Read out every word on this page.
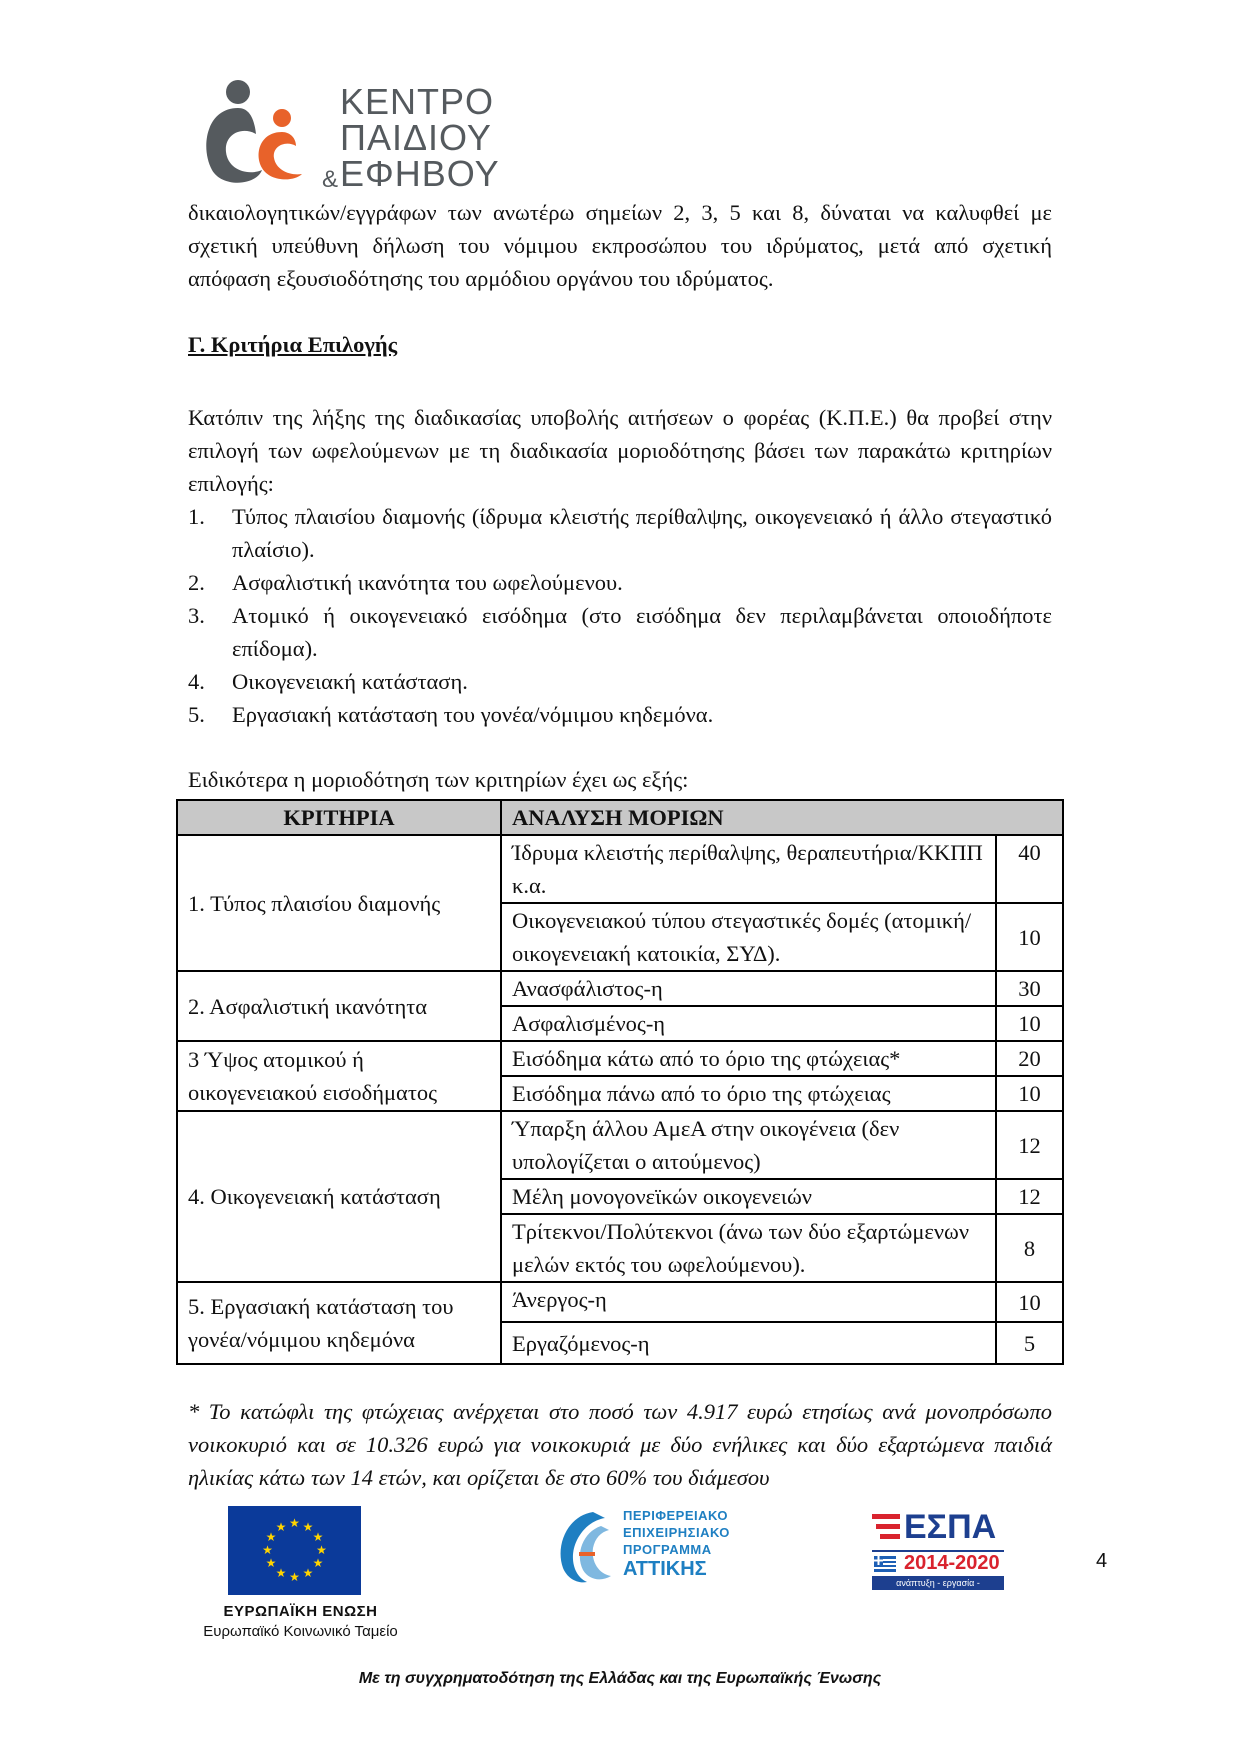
ΚΕΝΤΡΟ
ΠΑΙΔΙΟΥ
& ΕΦΗΒΟΥ
δικαιολογητικών/εγγράφων των ανωτέρω σημείων 2, 3, 5 και 8, δύναται να καλυφθεί με σχετική υπεύθυνη δήλωση του νόμιμου εκπροσώπου του ιδρύματος, μετά από σχετική απόφαση εξουσιοδότησης του αρμόδιου οργάνου του ιδρύματος.
Γ. Κριτήρια Επιλογής
Κατόπιν της λήξης της διαδικασίας υποβολής αιτήσεων ο φορέας (Κ.Π.Ε.) θα προβεί στην επιλογή των ωφελούμενων με τη διαδικασία μοριοδότησης βάσει των παρακάτω κριτηρίων επιλογής:
1. Τύπος πλαισίου διαμονής (ίδρυμα κλειστής περίθαλψης, οικογενειακό ή άλλο στεγαστικό πλαίσιο).
2. Ασφαλιστική ικανότητα του ωφελούμενου.
3. Ατομικό ή οικογενειακό εισόδημα (στο εισόδημα δεν περιλαμβάνεται οποιοδήποτε επίδομα).
4. Οικογενειακή κατάσταση.
5. Εργασιακή κατάσταση του γονέα/νόμιμου κηδεμόνα.
Ειδικότερα η μοριοδότηση των κριτηρίων έχει ως εξής:
ΚΡΙΤΗΡΙΑ	ΑΝΑΛΥΣΗ ΜΟΡΙΩΝ	
1. Τύπος πλαισίου διαμονής	Ίδρυμα κλειστής περίθαλψης, θεραπευτήρια/ΚΚΠΠ κ.α.	40
	Οικογενειακού τύπου στεγαστικές δομές (ατομική/οικογενειακή κατοικία, ΣΥΔ).	10
2. Ασφαλιστική ικανότητα	Ανασφάλιστος-η	30
	Ασφαλισμένος-η	10
3 Ύψος ατομικού ή οικογενειακού εισοδήματος	Εισόδημα κάτω από το όριο της φτώχειας*	20
	Εισόδημα πάνω από το όριο της φτώχειας	10
4. Οικογενειακή κατάσταση	Ύπαρξη άλλου ΑμεΑ στην οικογένεια (δεν υπολογίζεται ο αιτούμενος)	12
	Μέλη μονογονεϊκών οικογενειών	12
	Τρίτεκνοι/Πολύτεκνοι (άνω των δύο εξαρτώμενων μελών εκτός του ωφελούμενου).	8
5. Εργασιακή κατάσταση του γονέα/νόμιμου κηδεμόνα	Άνεργος-η	10
	Εργαζόμενος-η	5
* Το κατώφλι της φτώχειας ανέρχεται στο ποσό των 4.917 ευρώ ετησίως ανά μονοπρόσωπο νοικοκυριό και σε 10.326 ευρώ για νοικοκυριά με δύο ενήλικες και δύο εξαρτώμενα παιδιά ηλικίας κάτω των 14 ετών, και ορίζεται δε στο 60% του διάμεσου
★ ★
★
★
★
★
★
★
★
★
★
★
ΕΥΡΩΠΑΪΚΗ ΕΝΩΣΗ
Ευρωπαϊκό Κοινωνικό Ταμείο
ΠΕΡΙΦΕΡΕΙΑΚΟ
ΕΠΙΧΕΙΡΗΣΙΑΚΟ
ΠΡΟΓΡΑΜΜΑ
ΑΤΤΙΚΗΣ
ΕΣΠΑ
2014-2020
ανάπτυξη - εργασία - αλληλεγγύη
4
Με τη συγχρηματοδότηση της Ελλάδας και της Ευρωπαϊκής Ένωσης
